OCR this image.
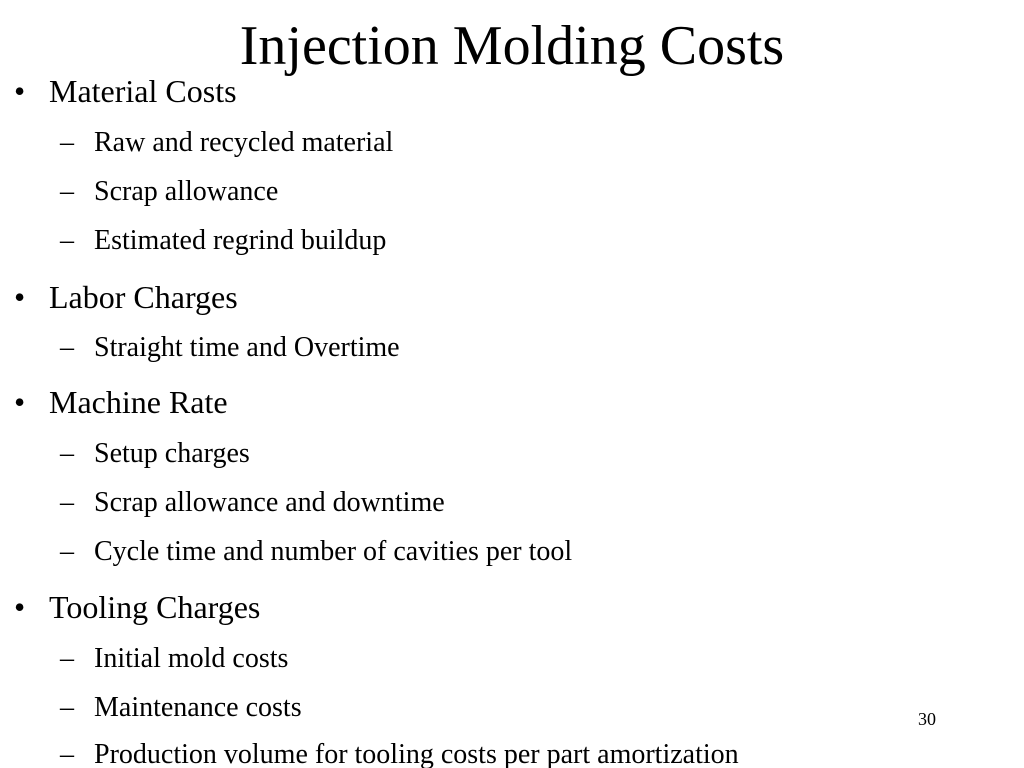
Injection Molding Costs
• Material Costs
– Raw and recycled material
– Scrap allowance
– Estimated regrind buildup
• Labor Charges
– Straight time and Overtime
• Machine Rate
– Setup charges
– Scrap allowance and downtime
– Cycle time and number of cavities per tool
• Tooling Charges
– Initial mold costs
– Maintenance costs
– Production volume for tooling costs per part amortization
30
